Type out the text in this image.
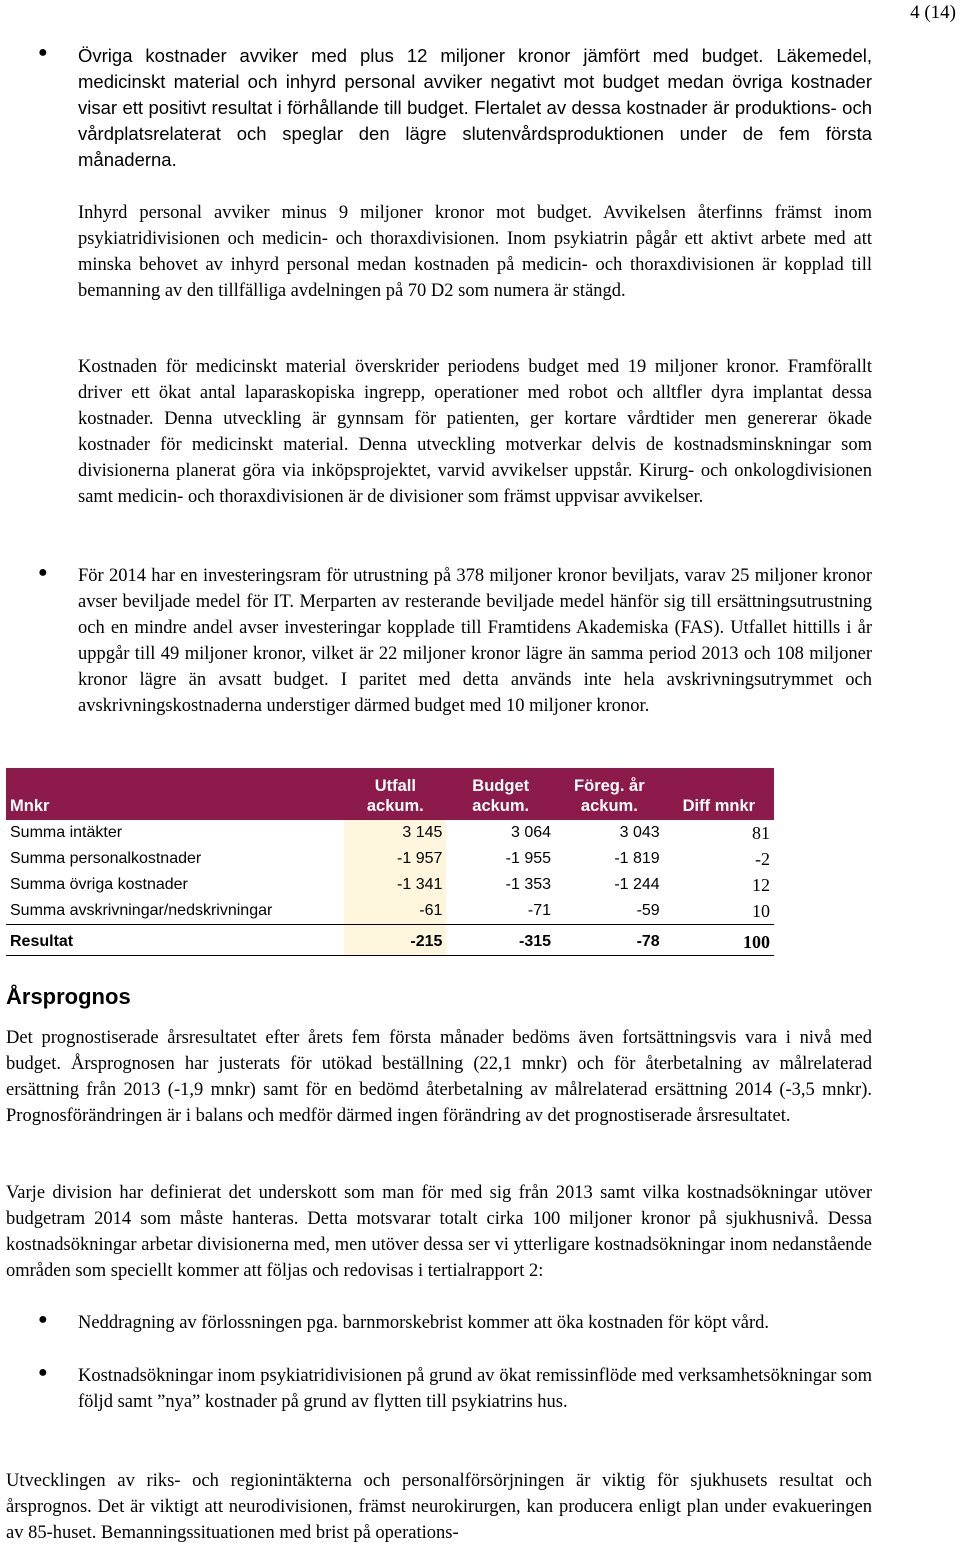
4 (14)
● Övriga kostnader avviker med plus 12 miljoner kronor jämfört med budget. Läkemedel, medicinskt material och inhyrd personal avviker negativt mot budget medan övriga kostnader visar ett positivt resultat i förhållande till budget. Flertalet av dessa kostnader är produktions- och vårdplatsrelaterat och speglar den lägre slutenvårdsproduktionen under de fem första månaderna.

Inhyrd personal avviker minus 9 miljoner kronor mot budget. Avvikelsen återfinns främst inom psykiatridivisionen och medicin- och thoraxdivisionen. Inom psykiatrin pågår ett aktivt arbete med att minska behovet av inhyrd personal medan kostnaden på medicin- och thoraxdivisionen är kopplad till bemanning av den tillfälliga avdelningen på 70 D2 som numera är stängd.

Kostnaden för medicinskt material överskrider periodens budget med 19 miljoner kronor. Framförallt driver ett ökat antal laparaskopiska ingrepp, operationer med robot och alltfler dyra implantat dessa kostnader. Denna utveckling är gynnsam för patienten, ger kortare vårdtider men genererar ökade kostnader för medicinskt material. Denna utveckling motverkar delvis de kostnadsminskningar som divisionerna planerat göra via inköpsprojektet, varvid avvikelser uppstår. Kirurg- och onkologdivisionen samt medicin- och thoraxdivisionen är de divisioner som främst uppvisar avvikelser.

● För 2014 har en investeringsram för utrustning på 378 miljoner kronor beviljats, varav 25 miljoner kronor avser beviljade medel för IT. Merparten av resterande beviljade medel hänför sig till ersättningsutrustning och en mindre andel avser investeringar kopplade till Framtidens Akademiska (FAS). Utfallet hittills i år uppgår till 49 miljoner kronor, vilket är 22 miljoner kronor lägre än samma period 2013 och 108 miljoner kronor lägre än avsatt budget. I paritet med detta används inte hela avskrivningsutrymmet och avskrivningskostnaderna understiger därmed budget med 10 miljoner kronor.

Mnkr	Utfall ackum.	Budget ackum.	Föreg. år ackum.	Diff mnkr
Summa intäkter	3 145	3 064	3 043	81
Summa personalkostnader	-1 957	-1 955	-1 819	-2
Summa övriga kostnader	-1 341	-1 353	-1 244	12
Summa avskrivningar/nedskrivningar	-61	-71	-59	10

Resultat	-215	-315	-78	100
Årsprognos

Det prognostiserade årsresultatet efter årets fem första månader bedöms även fortsättningsvis vara i nivå med budget. Årsprognosen har justerats för utökad beställning (22,1 mnkr) och för återbetalning av målrelaterad ersättning från 2013 (-1,9 mnkr) samt för en bedömd återbetalning av målrelaterad ersättning 2014 (-3,5 mnkr). Prognosförändringen är i balans och medför därmed ingen förändring av det prognostiserade årsresultatet.

Varje division har definierat det underskott som man för med sig från 2013 samt vilka kostnadsökningar utöver budgetram 2014 som måste hanteras. Detta motsvarar totalt cirka 100 miljoner kronor på sjukhusnivå. Dessa kostnadsökningar arbetar divisionerna med, men utöver dessa ser vi ytterligare kostnadsökningar inom nedanstående områden som speciellt kommer att följas och redovisas i tertialrapport 2:

● Neddragning av förlossningen pga. barnmorskebrist kommer att öka kostnaden för köpt vård.

● Kostnadsökningar inom psykiatridivisionen på grund av ökat remissinflöde med verksamhetsökningar som följd samt ”nya” kostnader på grund av flytten till psykiatrins hus.

Utvecklingen av riks- och regionintäkterna och personalförsörjningen är viktig för sjukhusets resultat och årsprognos. Det är viktigt att neurodivisionen, främst neurokirurgen, kan producera enligt plan under evakueringen av 85-huset. Bemanningssituationen med brist på operations-
